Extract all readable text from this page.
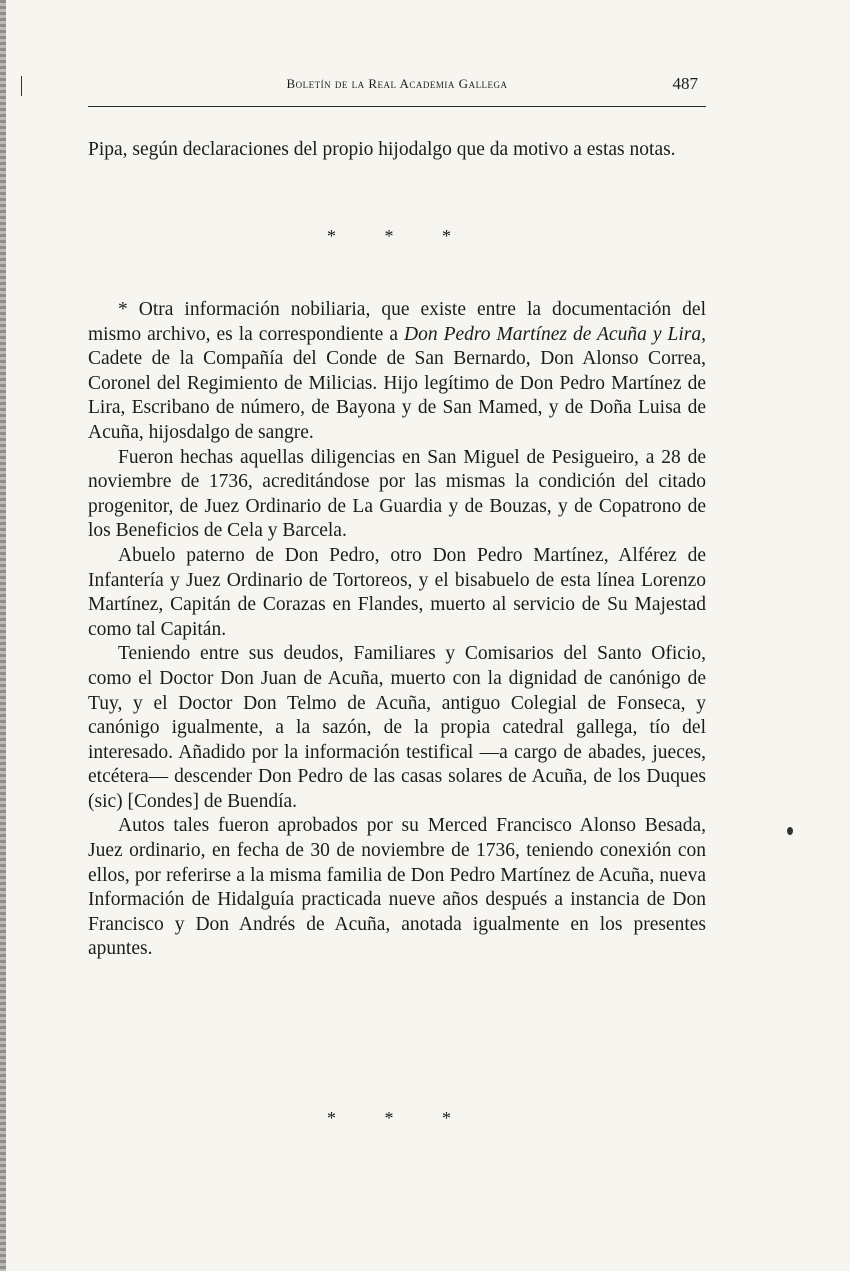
Boletín de la Real Academia Gallega	487

Pipa, según declaraciones del propio hijodalgo que da motivo a estas notas.

* * *

* Otra información nobiliaria, que existe entre la documentación del mismo archivo, es la correspondiente a Don Pedro Martínez de Acuña y Lira, Cadete de la Compañía del Conde de San Bernardo, Don Alonso Correa, Coronel del Regimiento de Milicias. Hijo legítimo de Don Pedro Martínez de Lira, Escribano de número, de Bayona y de San Mamed, y de Doña Luisa de Acuña, hijosdalgo de sangre.

Fueron hechas aquellas diligencias en San Miguel de Pesigueiro, a 28 de noviembre de 1736, acreditándose por las mismas la condición del citado progenitor, de Juez Ordinario de La Guardia y de Bouzas, y de Copatrono de los Beneficios de Cela y Barcela.

Abuelo paterno de Don Pedro, otro Don Pedro Martínez, Alférez de Infantería y Juez Ordinario de Tortoreos, y el bisabuelo de esta línea Lorenzo Martínez, Capitán de Corazas en Flandes, muerto al servicio de Su Majestad como tal Capitán.

Teniendo entre sus deudos, Familiares y Comisarios del Santo Oficio, como el Doctor Don Juan de Acuña, muerto con la dignidad de canónigo de Tuy, y el Doctor Don Telmo de Acuña, antiguo Colegial de Fonseca, y canónigo igualmente, a la sazón, de la propia catedral gallega, tío del interesado. Añadido por la información testifical —a cargo de abades, jueces, etcétera— descender Don Pedro de las casas solares de Acuña, de los Duques (sic) [Condes] de Buendía.

Autos tales fueron aprobados por su Merced Francisco Alonso Besada, Juez ordinario, en fecha de 30 de noviembre de 1736, teniendo conexión con ellos, por referirse a la misma familia de Don Pedro Martínez de Acuña, nueva Información de Hidalguía practicada nueve años después a instancia de Don Francisco y Don Andrés de Acuña, anotada igualmente en los presentes apuntes.

* * *
